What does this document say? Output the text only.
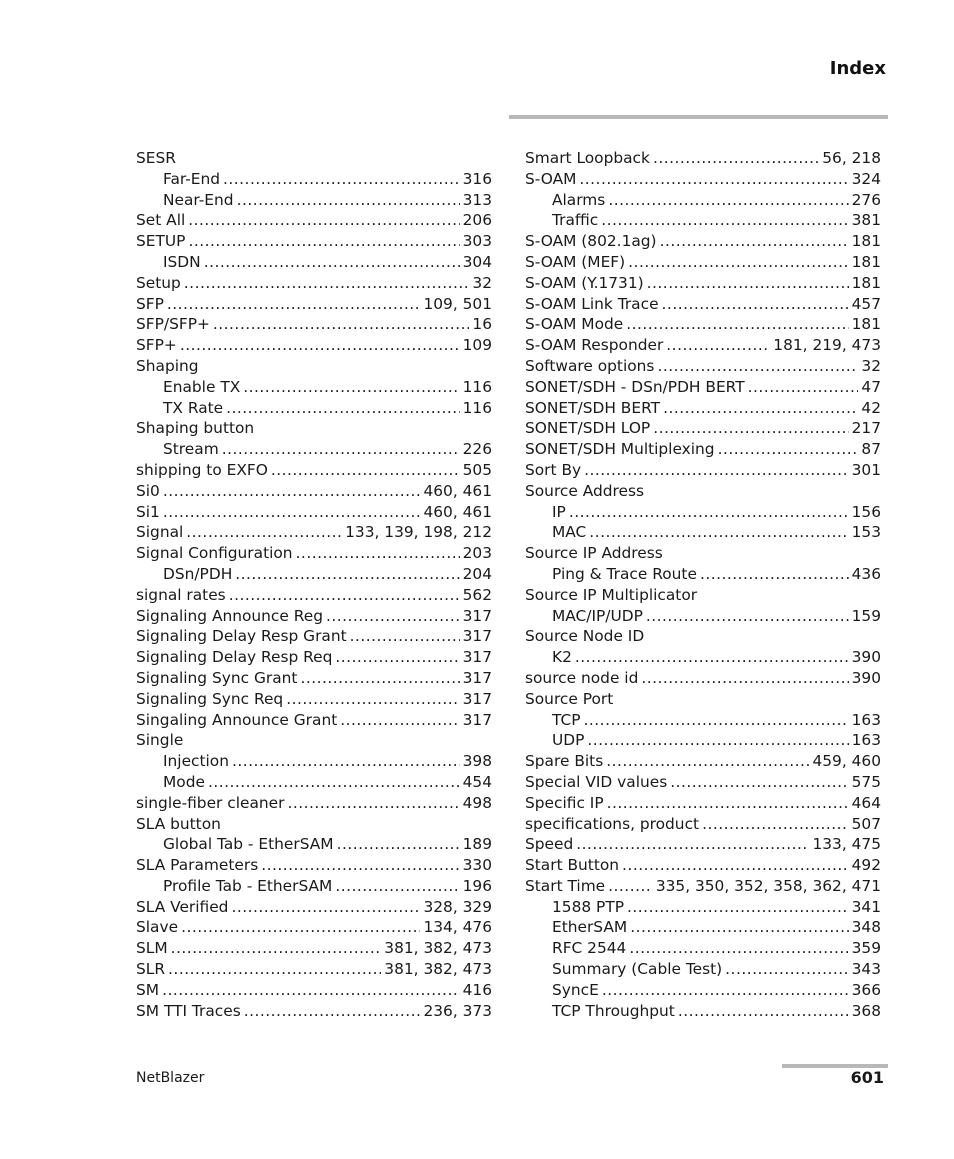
Index
SESR
Far-End . . .	316
Near-End . . .	313
Set All . . .	206
SETUP . . .	303
ISDN . . .	304
Setup . . .	32
SFP . . .	109, 501
SFP/SFP+ . . .	16
SFP+ . . .	109
Shaping
Enable TX . . .	116
TX Rate . . .	116
Shaping button
Stream . . .	226
shipping to EXFO . . .	505
Si0 . . .	460, 461
Si1 . . .	460, 461
Signal . . .	133, 139, 198, 212
Signal Configuration . . .	203
DSn/PDH . . .	204
signal rates . . .	562
Signaling Announce Reg . . .	317
Signaling Delay Resp Grant . . .	317
Signaling Delay Resp Req . . .	317
Signaling Sync Grant . . .	317
Signaling Sync Req . . .	317
Singaling Announce Grant . . .	317
Single
Injection . . .	398
Mode . . .	454
single-fiber cleaner . . .	498
SLA button
Global Tab - EtherSAM . . .	189
SLA Parameters . . .	330
Profile Tab - EtherSAM . . .	196
SLA Verified . . .	328, 329
Slave . . .	134, 476
SLM . . .	381, 382, 473
SLR . . .	381, 382, 473
SM . . .	416
SM TTI Traces . . .	236, 373
Smart Loopback . . .	56, 218
S-OAM . . .	324
Alarms . . .	276
Traffic . . .	381
S-OAM (802.1ag) . . .	181
S-OAM (MEF) . . .	181
S-OAM (Y.1731) . . .	181
S-OAM Link Trace . . .	457
S-OAM Mode . . .	181
S-OAM Responder . . .	181, 219, 473
Software options . . .	32
SONET/SDH - DSn/PDH BERT . . .	47
SONET/SDH BERT . . .	42
SONET/SDH LOP . . .	217
SONET/SDH Multiplexing . . .	87
Sort By . . .	301
Source Address
IP . . .	156
MAC . . .	153
Source IP Address
Ping & Trace Route . . .	436
Source IP Multiplicator
MAC/IP/UDP . . .	159
Source Node ID
K2 . . .	390
source node id . . .	390
Source Port
TCP . . .	163
UDP . . .	163
Spare Bits . . .	459, 460
Special VID values . . .	575
Specific IP . . .	464
specifications, product . . .	507
Speed . . .	133, 475
Start Button . . .	492
Start Time . . .	335, 350, 352, 358, 362, 471
1588 PTP . . .	341
EtherSAM . . .	348
RFC 2544 . . .	359
Summary (Cable Test) . . .	343
SyncE . . .	366
TCP Throughput . . .	368
NetBlazer	601
